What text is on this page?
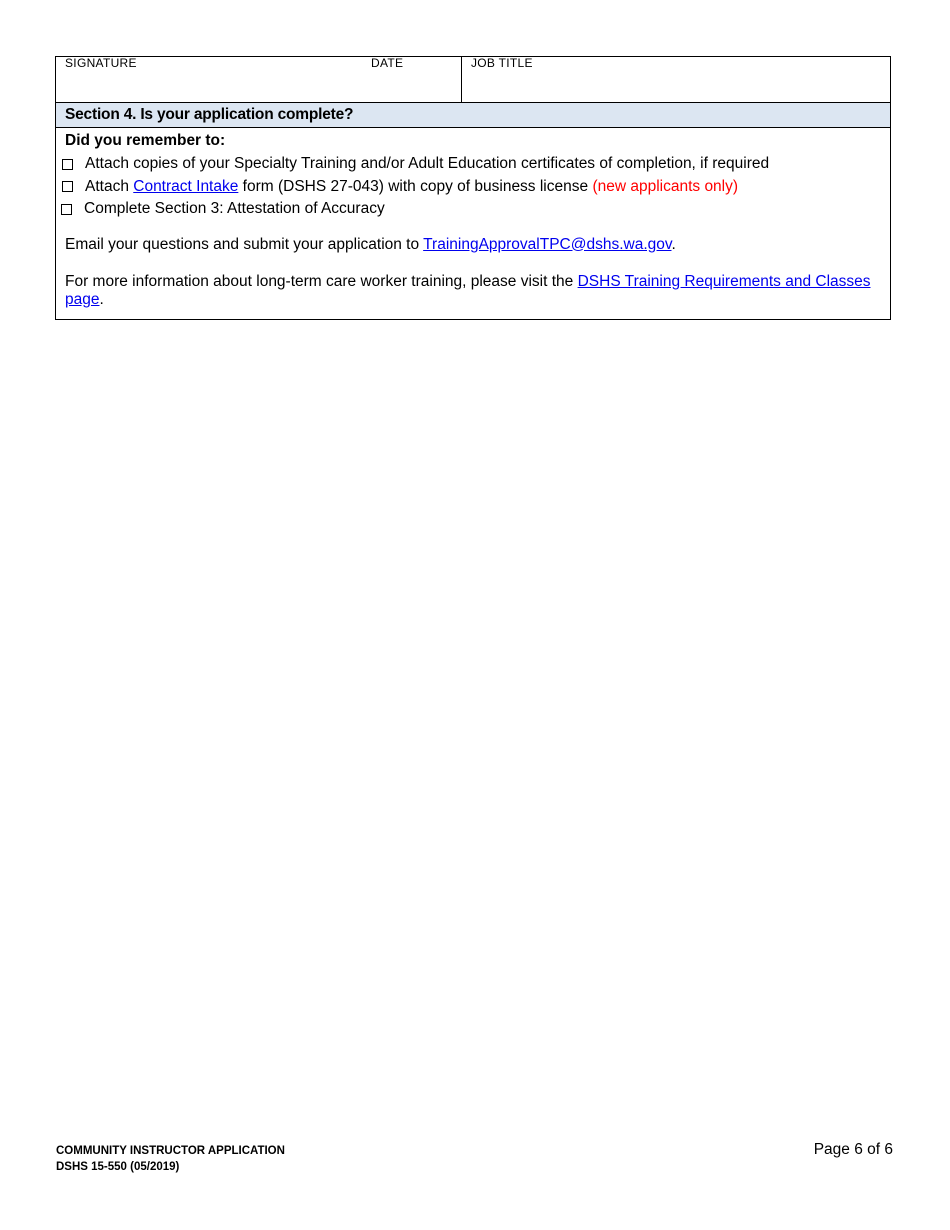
SIGNATURE	DATE	JOB TITLE
Section 4. Is your application complete?
Did you remember to:
Attach copies of your Specialty Training and/or Adult Education certificates of completion, if required
Attach Contract Intake form (DSHS 27-043) with copy of business license (new applicants only)
Complete Section 3: Attestation of Accuracy

Email your questions and submit your application to TrainingApprovalTPC@dshs.wa.gov.

For more information about long-term care worker training, please visit the DSHS Training Requirements and Classes page.

COMMUNITY INSTRUCTOR APPLICATION
DSHS 15-550 (05/2019)
Page 6 of 6
